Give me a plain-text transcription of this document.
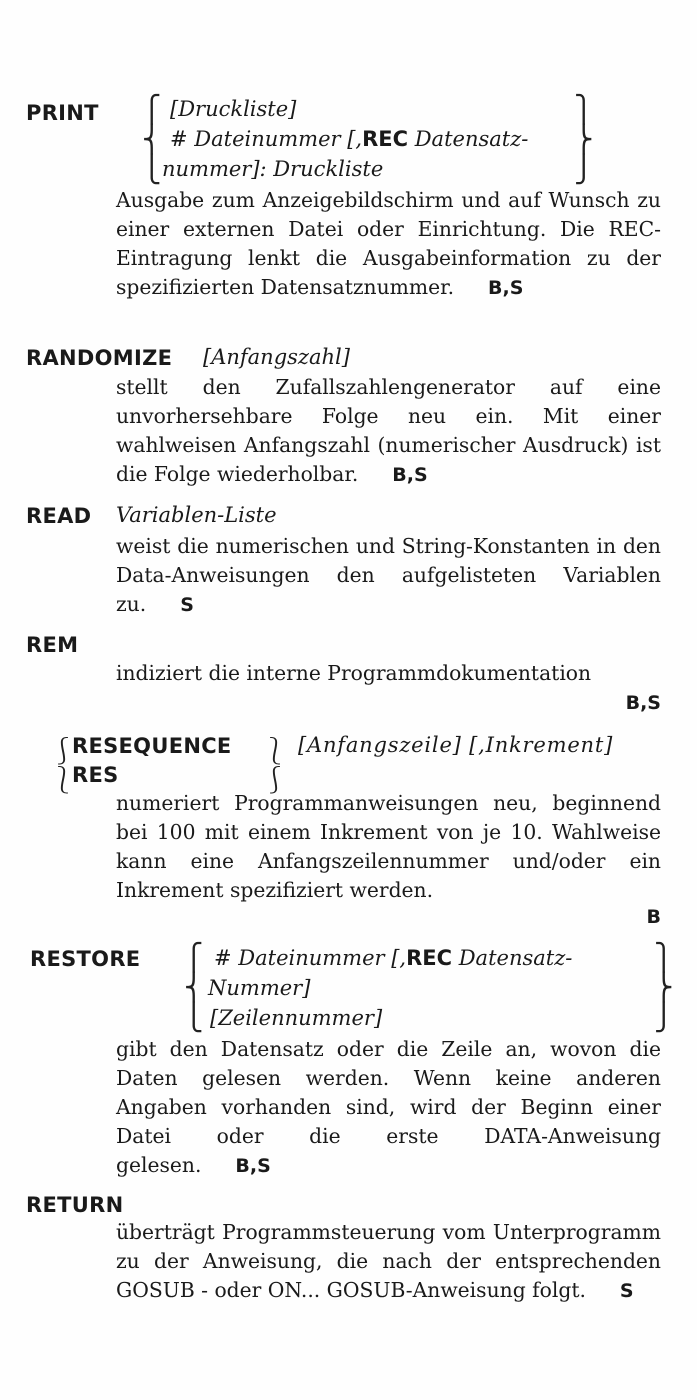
PRINT ⎧
⎨
⎩
[Druckliste]
# Dateinummer [,REC Datensatz-
nummer]: Druckliste
⎫
⎬
⎭
Ausgabe zum Anzeigebildschirm und auf Wunsch zu einer externen Datei oder Einrichtung. Die REC-Eintragung lenkt die Ausgabeinformation zu der spezifizierten Datensatznummer. B,S
RANDOMIZE [Anfangszahl]
stellt den Zufallszahlengenerator auf eine unvorhersehbare Folge neu ein. Mit einer wahlweisen Anfangszahl (numerischer Ausdruck) ist die Folge wiederholbar. B,S
READ Variablen-Liste
weist die numerischen und String-Konstanten in den Data-Anweisungen den aufgelisteten Variablen zu. S
REM
indiziert die interne Programmdokumentation
B,S
⎰
⎱
RESEQUENCE
RES
⎱
⎰
[Anfangszeile] [,Inkrement]
numeriert Programmanweisungen neu, beginnend bei 100 mit einem Inkrement von je 10. Wahlweise kann eine Anfangszeilennummer und/oder ein Inkrement spezifiziert werden.
B
RESTORE ⎧
⎨
⎩
# Dateinummer [,REC Datensatz-
Nummer]
[Zeilennummer]
⎫
⎬
⎭
gibt den Datensatz oder die Zeile an, wovon die Daten gelesen werden. Wenn keine anderen Angaben vorhanden sind, wird der Beginn einer Datei oder die erste DATA-Anweisung gelesen. B,S
RETURN
überträgt Programmsteuerung vom Unterprogramm zu der Anweisung, die nach der entsprechenden GOSUB - oder ON... GOSUB-Anweisung folgt. S
